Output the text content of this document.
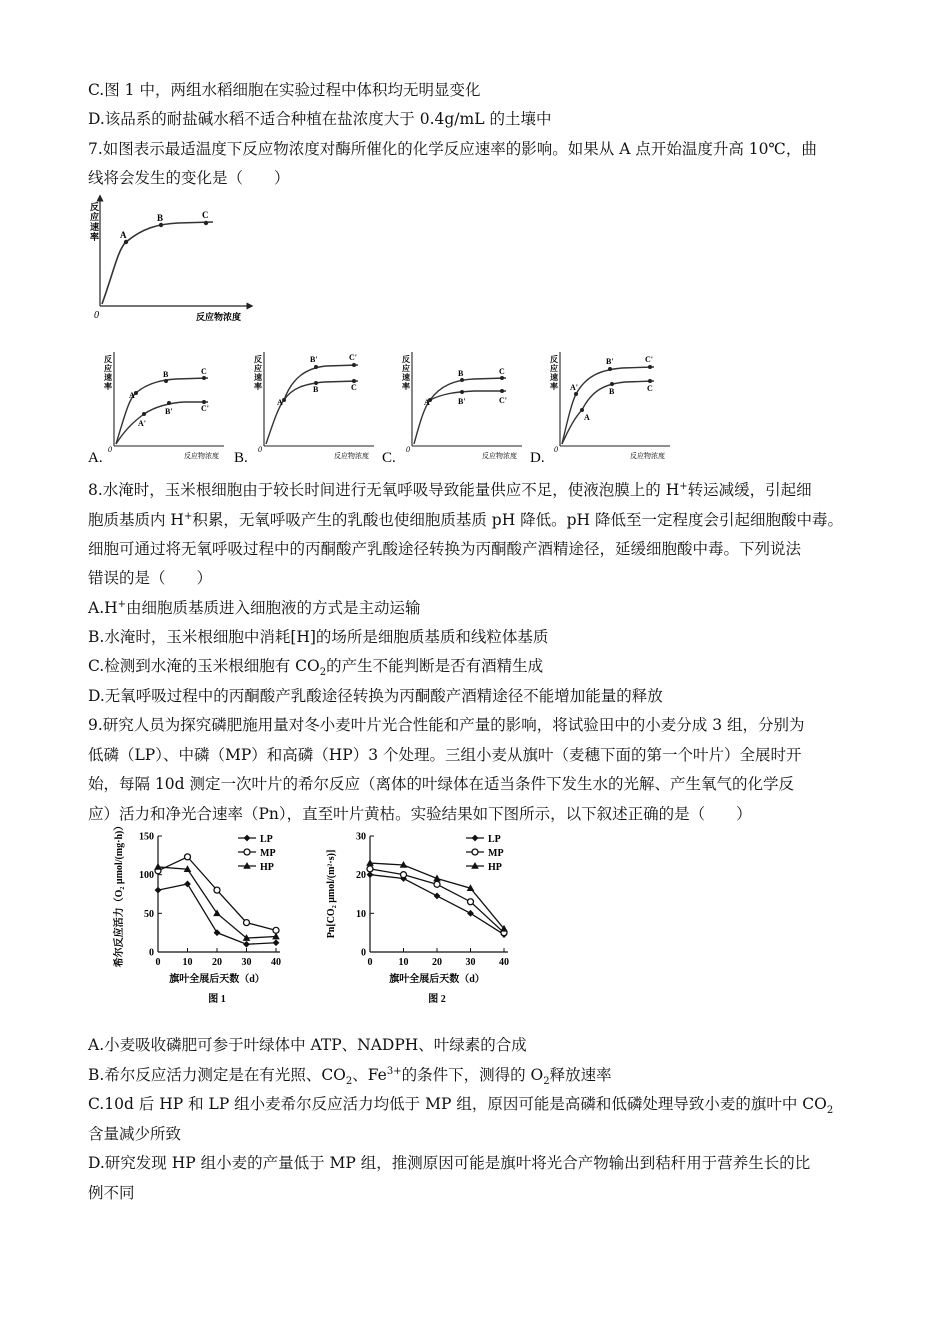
C.图 1 中，两组水稻细胞在实验过程中体积均无明显变化
D.该品系的耐盐碱水稻不适合种植在盐浓度大于 0.4g/mL 的土壤中
7.如图表示最适温度下反应物浓度对酶所催化的化学反应速率的影响。如果从 A 点开始温度升高 10℃，曲
线将会发生的变化是（　　）
反
应
速
率
0	反应物浓度
A
B	C
反
应
速
率
0
反应物浓度
A
B	C
A'
B'	C'
A.
反
应
速
率
0
反应物浓度
A
B	C
B'	C'
B.
反
应
速
率
0
反应物浓度
A
B	C
B'	C'
C.
反
应
速
率
0
反应物浓度
A'
B'	C'
A
B	C
D.
8.水淹时，玉米根细胞由于较长时间进行无氧呼吸导致能量供应不足，使液泡膜上的 H+转运减缓，引起细
胞质基质内 H+积累，无氧呼吸产生的乳酸也使细胞质基质 pH 降低。pH 降低至一定程度会引起细胞酸中毒。
细胞可通过将无氧呼吸过程中的丙酮酸产乳酸途径转换为丙酮酸产酒精途径，延缓细胞酸中毒。下列说法
错误的是（　　）
A.H+由细胞质基质进入细胞液的方式是主动运输
B.水淹时，玉米根细胞中消耗[H]的场所是细胞质基质和线粒体基质
C.检测到水淹的玉米根细胞有 $CO_2$的产生不能判断是否有酒精生成
D.无氧呼吸过程中的丙酮酸产乳酸途径转换为丙酮酸产酒精途径不能增加能量的释放
9.研究人员为探究磷肥施用量对冬小麦叶片光合性能和产量的影响，将试验田中的小麦分成 3 组，分别为
低磷（LP）、中磷（MP）和高磷（HP）3 个处理。三组小麦从旗叶（麦穗下面的第一个叶片）全展时开
始，每隔 10d 测定一次叶片的希尔反应（离体的叶绿体在适当条件下发生水的光解、产生氧气的化学反
应）活力和净光合速率（Pn），直至叶片黄枯。实验结果如下图所示，以下叙述正确的是（　　）
0
50
100
150
0 10 20 30 40
LP
MP
HP
旗叶全展后天数（d）
图 1
希尔反应活力（O₂ μmol/(mg·h)）	0
10
20
30
0	10 20 30 40
LP
MP
HP
旗叶全展后天数（d）
图 2
Pn[CO₂ μmol/(m²·s)]
A.小麦吸收磷肥可参于叶绿体中 ATP、NADPH、叶绿素的合成
B.希尔反应活力测定是在有光照、$CO_2$、$Fe^{3+}$的条件下，测得的 $O_2$释放速率
C.10d 后 HP 和 LP 组小麦希尔反应活力均低于 MP 组，原因可能是高磷和低磷处理导致小麦的旗叶中 $CO_2$
含量减少所致
D.研究发现 HP 组小麦的产量低于 MP 组，推测原因可能是旗叶将光合产物输出到秸秆用于营养生长的比
例不同
